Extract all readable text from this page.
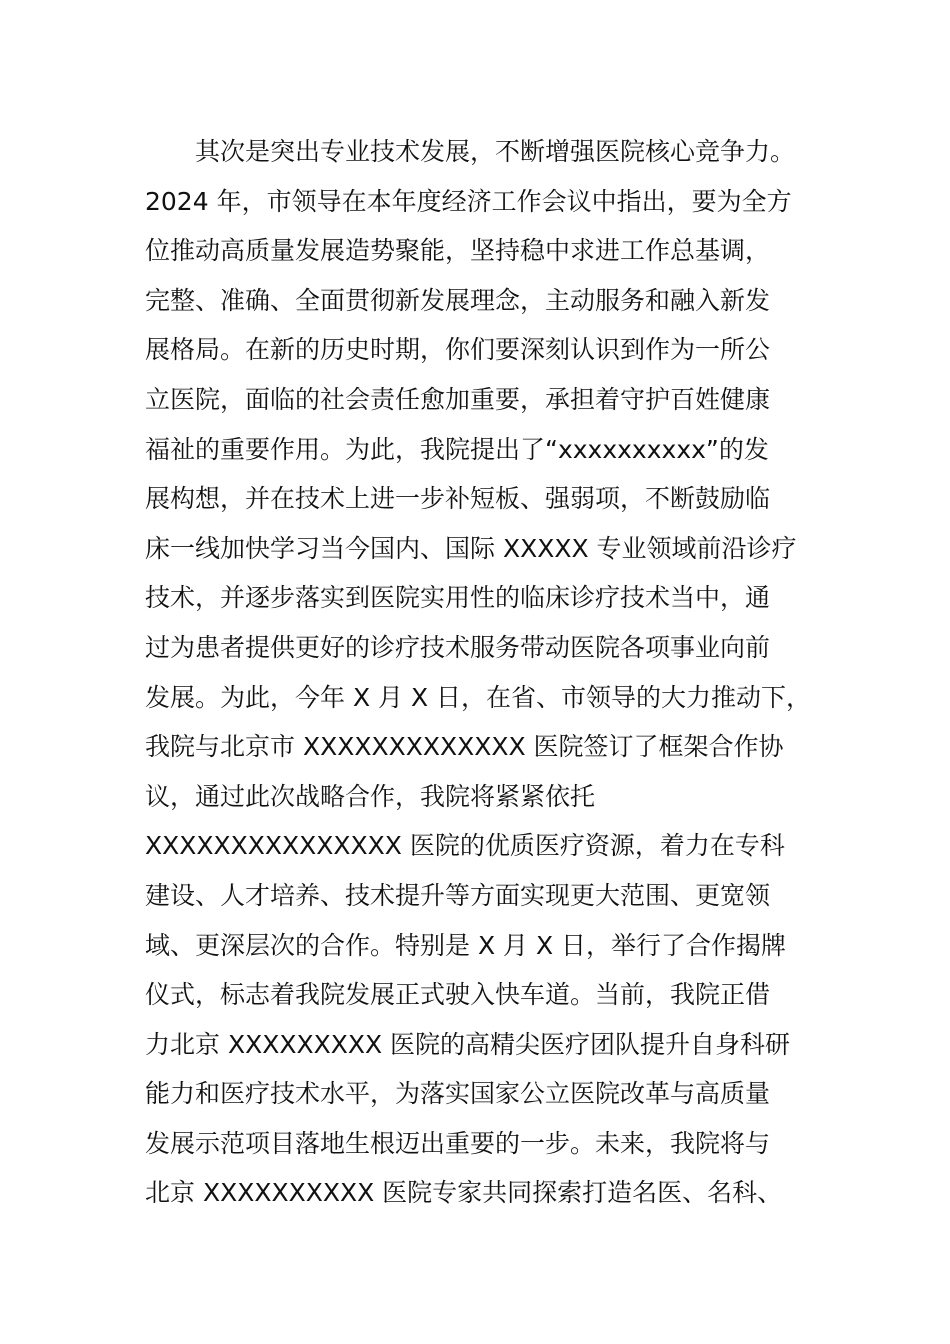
其次是突出专业技术发展，不断增强医院核心竞争力。
2024 年，市领导在本年度经济工作会议中指出，要为全方
位推动高质量发展造势聚能，坚持稳中求进工作总基调，
完整、准确、全面贯彻新发展理念，主动服务和融入新发
展格局。在新的历史时期，你们要深刻认识到作为一所公
立医院，面临的社会责任愈加重要，承担着守护百姓健康
福祉的重要作用。为此，我院提出了“xxxxxxxxxx”的发
展构想，并在技术上进一步补短板、强弱项，不断鼓励临
床一线加快学习当今国内、国际 XXXXX 专业领域前沿诊疗
技术，并逐步落实到医院实用性的临床诊疗技术当中，通
过为患者提供更好的诊疗技术服务带动医院各项事业向前
发展。为此，今年 X 月 X 日，在省、市领导的大力推动下，
我院与北京市 XXXXXXXXXXXXX 医院签订了框架合作协
议，通过此次战略合作，我院将紧紧依托
XXXXXXXXXXXXXXX 医院的优质医疗资源，着力在专科
建设、人才培养、技术提升等方面实现更大范围、更宽领
域、更深层次的合作。特别是 X 月 X 日，举行了合作揭牌
仪式，标志着我院发展正式驶入快车道。当前，我院正借
力北京 XXXXXXXXX 医院的高精尖医疗团队提升自身科研
能力和医疗技术水平，为落实国家公立医院改革与高质量
发展示范项目落地生根迈出重要的一步。未来，我院将与
北京 XXXXXXXXXX 医院专家共同探索打造名医、名科、
